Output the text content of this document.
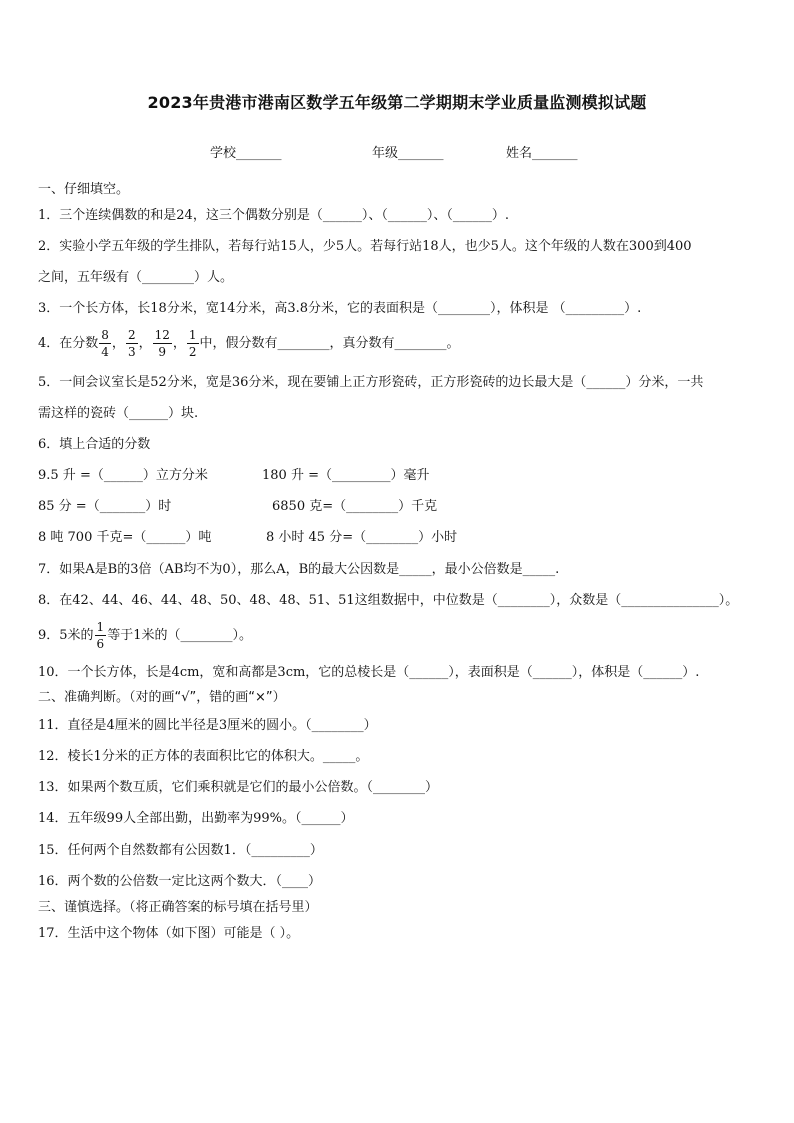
2023年贵港市港南区数学五年级第二学期期末学业质量监测模拟试题
学校_______	年级_______	姓名_______
一、仔细填空。
1．三个连续偶数的和是24，这三个偶数分别是（______）、（______）、（______）.
2．实验小学五年级的学生排队，若每行站15人，少5人。若每行站18人，也少5人。这个年级的人数在300到400
之间，五年级有（________）人。
3．一个长方体，长18分米，宽14分米，高3.8分米，它的表面积是（________），体积是 （_________）.
4．在分数 $\frac{8}{4}$ ， $\frac{2}{3}$ ， $\frac{12}{9}$ ， $\frac{1}{2}$ 中，假分数有________，真分数有________。
5．一间会议室长是52分米，宽是36分米，现在要铺上正方形瓷砖，正方形瓷砖的边长最大是（______）分米，一共
需这样的瓷砖（______）块.
6．填上合适的分数
9.5 升 =（______）立方分米	180 升 =（_________）毫升
85 分 =（_______）时	6850 克=（________）千克
8 吨 700 千克=（______）吨	8 小时 45 分=（________）小时
7．如果A是B的3倍（AB均不为0），那么A，B的最大公因数是_____，最小公倍数是_____.
8．在42、44、46、44、48、50、48、48、51、51这组数据中，中位数是（________），众数是（_______________）。
9．5米的 $\frac{1}{6}$ 等于1米的（________）。
10．一个长方体，长是4cm，宽和高都是3cm，它的总棱长是（______），表面积是（______），体积是（______）.
二、准确判断。（对的画“√”，错的画“×”）
11．直径是4厘米的圆比半径是3厘米的圆小。（________）
12．棱长1分米的正方体的表面积比它的体积大。_____。
13．如果两个数互质，它们乘积就是它们的最小公倍数。（________）
14．五年级99人全部出勤，出勤率为99%。（______）
15．任何两个自然数都有公因数1．（_________）
16．两个数的公倍数一定比这两个数大．（____）
三、谨慎选择。（将正确答案的标号填在括号里）
17．生活中这个物体（如下图）可能是（ ）。
